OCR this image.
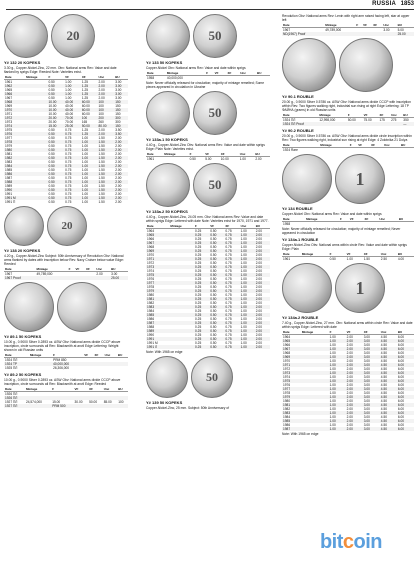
RUSSIA 1853
20
Y# 132 20 KOPEKS
3.30 g., Copper-Nickel-Zinc, 22 mm. Obv: National arms Rev: Value and date flanked by sprigs Edge: Reeded Note: Varieties exist.
Date	Mintage	F	VF	XF	Unc	BU
1961		0.50	1.00	1.25	2.00	3.00
1962		0.50	1.00	1.25	2.00	3.00
1965		0.50	1.00	1.25	2.00	3.00
1966		0.50	1.00	1.25	2.00	3.00
1967		0.50	1.00	1.25	2.00	3.00
1968		10.00	40.00	60.00	100	150
1969		10.00	40.00	60.00	100	150
1970		10.00	40.00	60.00	100	150
1971		10.00	40.00	60.00	100	150
1972		20.00	70.00	100	200	300
1973		20.00	70.00	165	260	300
1974		15.00	25.00	50.00	80.00	150
1975		0.50	0.75	1.25	2.00	3.50
1976		0.50	0.75	1.25	2.00	3.50
1977		0.50	0.75	1.00	1.50	2.00
1978		0.50	0.75	1.00	1.50	2.00
1979		0.50	0.75	1.00	1.50	2.00
1980		0.50	0.75	1.00	1.50	2.00
1981		0.50	0.75	1.00	1.50	2.00
1982		0.50	0.75	1.00	1.50	2.00
1983		0.50	0.75	1.00	1.50	2.00
1984		0.50	0.75	1.00	1.50	2.00
1985		0.50	0.75	1.00	1.50	2.00
1986		0.50	0.75	1.00	1.50	2.00
1987		0.50	0.75	1.00	1.50	2.00
1988		0.50	0.75	1.00	1.50	2.00
1989		0.50	0.75	1.00	1.50	2.00
1990		0.50	0.75	1.00	1.50	2.00
1991		0.50	0.75	1.00	1.50	2.00
1991 M		0.50	0.75	1.00	1.50	2.00
1991 П		0.50	0.75	1.00	1.50	2.00
20
Y# 138 20 KOPEKS
4.20 g., Copper-Nickel-Zinc Subject: 50th Anniversary of Revolution Obv: National arms flanked by dates with inscription below Rev: Navy Cruiser below value Edge: Reeded
Date	Mintage	F	VF	XF	Unc	BU
1967	49,789,000				2.00	3.00
1967 Proof						25.00
Y# 89.1 50 KOPEKS
10.00 g., 0.9000 Silver 0.2893 oz. ASW Obv: National arms divide CCCP above inscription, circle surrounds all Rev: Blacksmith at anvil Edge Lettering: Weight shown in old Russian units
Date	Mintage	F	VF	XF	Unc	BU
1924 ПЛ		PRM 850				
1924 ТР		40,000,000				
1925 ПЛ		26,306,000				
Y# 89.2 50 KOPEKS
10.00 g., 0.9000 Silver 0.2893 oz. ASW Obv: National arms divide CCCP above inscription, circle surrounds all Rev: Blacksmith at anvil Edge: Reeded
Date	Mintage	F	VF	XF	Unc	BU
1926 ПЛ						
1926 ПЛ						
1927 ПЛ	24,574,000	15.00	30.00	50.00	85.00	100
1927 ПЛ		PRM 500				
50
Y# 133 50 KOPEKS
Copper-Nickel Obv: National arms Rev: Value and date within sprigs
Date	Mintage	F	VF	XF	Unc	BU
1958	40,000,000					
Note: Never officially released for circulation; majority of mintage remelted; Some pieces appeared in circulation in Ukraine
50
Y# 133a.1 50 KOPEKS
4.40 g., Copper-Nickel-Zinc Obv: National arms Rev: Value and date within sprigs Edge: Plain Note: Varieties exist.
Date	Mintage	F	VF	XF	Unc	BU
1961		0.50	5.00	10.00	1.00	2.00
50
Y# 133a.2 50 KOPEKS
4.40 g., Copper-Nickel-Zinc, 24.05 mm. Obv: National arms Rev: Value and date within sprigs Edge: Lettered with date Note: Varieties exist for 1970, 1971 and 1977.
Date	Mintage	F	VF	XF	Unc	BU
1964		0.25	0.50	0.75	1.00	2.00
1965		0.25	0.50	0.75	1.00	2.00
1966		0.25	0.50	0.75	1.00	2.00
1967		0.25	0.50	0.75	1.00	2.00
1968		0.25	0.50	0.75	1.00	2.00
1969		0.25	0.50	0.75	1.00	2.00
1970		0.25	0.50	0.75	1.00	2.00
1971		0.25	0.50	0.75	1.00	2.00
1972		0.25	0.50	0.75	1.00	2.00
1973		0.25	0.50	0.75	1.00	2.00
1974		0.25	0.50	0.75	1.00	2.00
1975		0.25	0.50	0.75	1.00	2.00
1976		0.25	0.50	0.75	1.00	2.00
1977		0.25	0.50	0.75	1.00	2.00
1978		0.25	0.50	0.75	1.00	2.00
1979		0.25	0.50	0.75	1.00	2.00
1980		0.25	0.50	0.75	1.00	2.00
1981		0.25	0.50	0.75	1.00	2.00
1982		0.25	0.50	0.75	1.00	2.00
1983		0.25	0.50	0.75	1.00	2.00
1984		0.25	0.50	0.75	1.00	2.00
1985		0.25	0.50	0.75	1.00	2.00
1986		0.25	0.50	0.75	1.00	2.00
1987		0.25	0.50	0.75	1.00	2.00
1988		0.25	0.50	0.75	1.00	2.00
1989		0.25	0.50	0.75	1.00	2.00
1990		0.25	0.50	0.75	1.00	2.00
1991		0.25	0.50	0.75	1.00	2.00
1991 M		0.25	0.50	0.75	1.00	2.00
1991 Л		0.25	0.50	0.75	1.00	2.00
Note: With 1965 on edge
50
Y# 139 50 KOPEKS
Copper-Nickel-Zinc, 25 mm. Subject: 50th Anniversary of
Revolution Obv: National arms Rev: Lenin with right arm raised facing left, star at upper left
Date	Mintage	F	VF	XF	Unc	BU
1967	49,789,000				3.00	5.00
ND(1967) Proof						25.00
Y# 90.1 ROUBLE
20.00 g., 0.9000 Silver 0.5786 oz. ASW Obv: National arms divide CCCP with inscription within Rev: Two figures walking right, industrial sun rising at right Edge Lettering: 18 ГР ФАЙНА (grams) in old Russian units
Date	Mintage	F	VF	XF	Unc	BU
1924 ПЛ	12,998,000	50.00	75.00	175	275	350
1924 ПЛ Proof						—
Y# 90.2 ROUBLE
20.00 g., 0.9000 Silver 0.5786 oz. ASW Obv: National arms divide circle inscription within Rev: Two figures walking right, industrial sun rising at right Edge: 4 Zolotnika 21 Dolya
Date	Mintage	F	VF	XF	Unc	BU
1924 Rare						
1
Y# 134 ROUBLE
Copper-Nickel Obv: National arms Rev: Value and date within sprigs
Date	Mintage	F	VF	XF	Unc	BU
1958						
Note: Never officially released for circulation; majority of mintage remelted; Never appeared in circulation
Y# 134a.1 ROUBLE
Copper-Nickel-Zinc Obv: National arms within circle Rev: Value and date within sprigs Edge: Plain
Date	Mintage	F	VF	XF	Unc	BU
1961		0.50	1.00	1.50	2.50	4.00
1
Y# 134a.2 ROUBLE
7.40 g., Copper-Nickel-Zinc, 27 mm. Obv: National arms within circle Rev: Value and date within sprigs Edge: Lettered with date
Date	Mintage	F	VF	XF	Unc	BU
1964		1.00	2.00	3.00	4.50	6.00
1965		1.00	2.00	3.00	4.50	6.00
1966		1.00	2.00	3.00	4.50	6.00
1967		1.00	2.00	3.00	4.50	6.00
1968		1.00	2.00	3.00	4.50	6.00
1969		1.00	2.00	3.00	4.50	6.00
1970		1.00	2.00	3.00	4.50	6.00
1971		1.00	2.00	3.00	4.50	6.00
1972		1.00	2.00	3.00	4.50	6.00
1973		1.00	2.00	3.00	4.50	6.00
1974		1.00	2.00	3.00	4.50	6.00
1975		1.00	2.00	3.00	4.50	6.00
1976		1.00	2.00	3.00	4.50	6.00
1977		1.00	2.00	3.00	4.50	6.00
1978		1.00	2.00	3.00	4.50	6.00
1979		1.00	2.00	3.00	4.50	6.00
1980		1.00	2.00	3.00	4.50	6.00
1981		1.00	2.00	3.00	4.50	6.00
1982		1.00	2.00	3.00	4.50	6.00
1983		1.00	2.00	3.00	4.50	6.00
1984		1.00	2.00	3.00	4.50	6.00
1985		1.00	2.00	3.00	4.50	6.00
1986		1.00	2.00	3.00	4.50	6.00
1987		1.00	2.00	3.00	4.50	6.00
Note: With 1965 on edge
bitcoin
